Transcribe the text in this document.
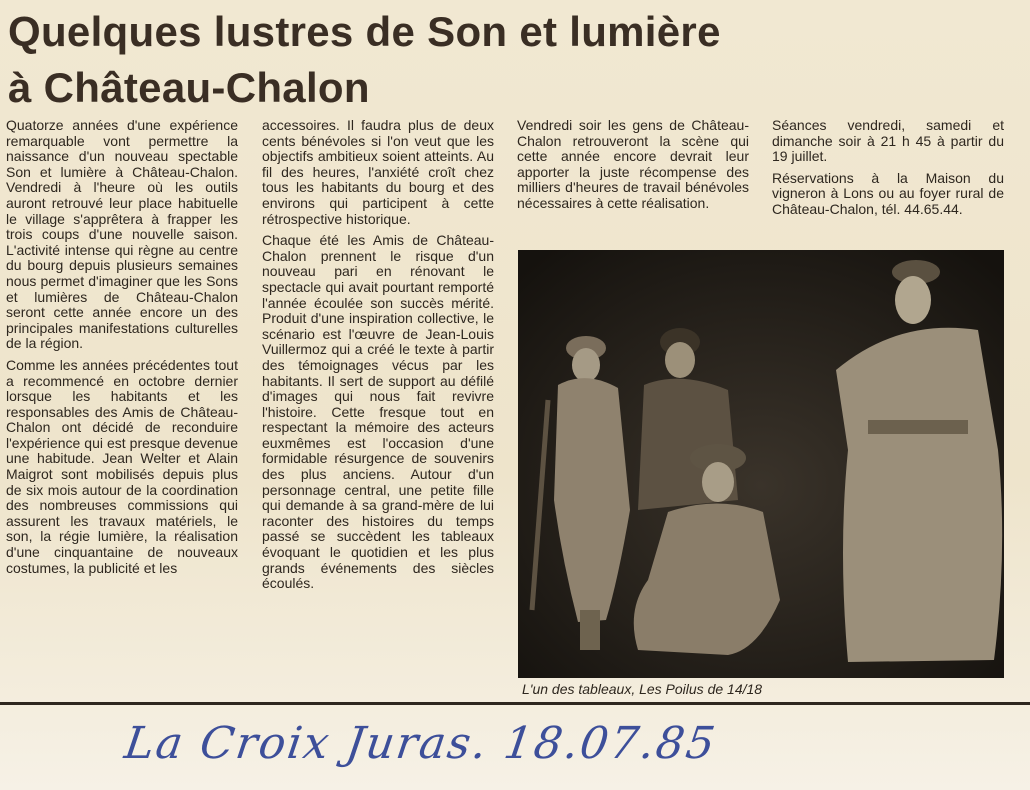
Quelques lustres de Son et lumière
à Château-Chalon

Quatorze années d'une expérience remarquable vont permettre la naissance d'un nouveau spectable Son et lumière à Château-Chalon. Vendredi à l'heure où les outils auront retrouvé leur place habituelle le village s'apprêtera à frapper les trois coups d'une nouvelle saison. L'activité intense qui règne au centre du bourg depuis plusieurs semaines nous permet d'imaginer que les Sons et lumières de Château-Chalon seront cette année encore un des principales manifestations culturelles de la région.

Comme les années précédentes tout a recommencé en octobre dernier lorsque les habitants et les responsables des Amis de Château-Chalon ont décidé de reconduire l'expérience qui est presque devenue une habitude. Jean Welter et Alain Maigrot sont mobilisés depuis plus de six mois autour de la coordination des nombreuses commissions qui assurent les travaux matériels, le son, la régie lumière, la réalisation d'une cinquantaine de nouveaux costumes, la publicité et les

accessoires. Il faudra plus de deux cents bénévoles si l'on veut que les objectifs ambitieux soient atteints. Au fil des heures, l'anxiété croît chez tous les habitants du bourg et des environs qui participent à cette rétrospective historique.

Chaque été les Amis de Château-Chalon prennent le risque d'un nouveau pari en rénovant le spectacle qui avait pourtant remporté l'année écoulée son succès mérité. Produit d'une inspiration collective, le scénario est l'œuvre de Jean-Louis Vuillermoz qui a créé le texte à partir des témoignages vécus par les habitants. Il sert de support au défilé d'images qui nous fait revivre l'histoire. Cette fresque tout en respectant la mémoire des acteurs euxmêmes est l'occasion d'une formidable résurgence de souvenirs des plus anciens. Autour d'un personnage central, une petite fille qui demande à sa grand-mère de lui raconter des histoires du temps passé se succèdent les tableaux évoquant le quotidien et les plus grands événements des siècles écoulés.

Vendredi soir les gens de Château-Chalon retrouveront la scène qui cette année encore devrait leur apporter la juste récompense des milliers d'heures de travail bénévoles nécessaires à cette réalisation.

Séances vendredi, samedi et dimanche soir à 21 h 45 à partir du 19 juillet.

Réservations à la Maison du vigneron à Lons ou au foyer rural de Château-Chalon, tél. 44.65.44.

L'un des tableaux, Les Poilus de 14/18
La Croix Juras. 18.07.85
